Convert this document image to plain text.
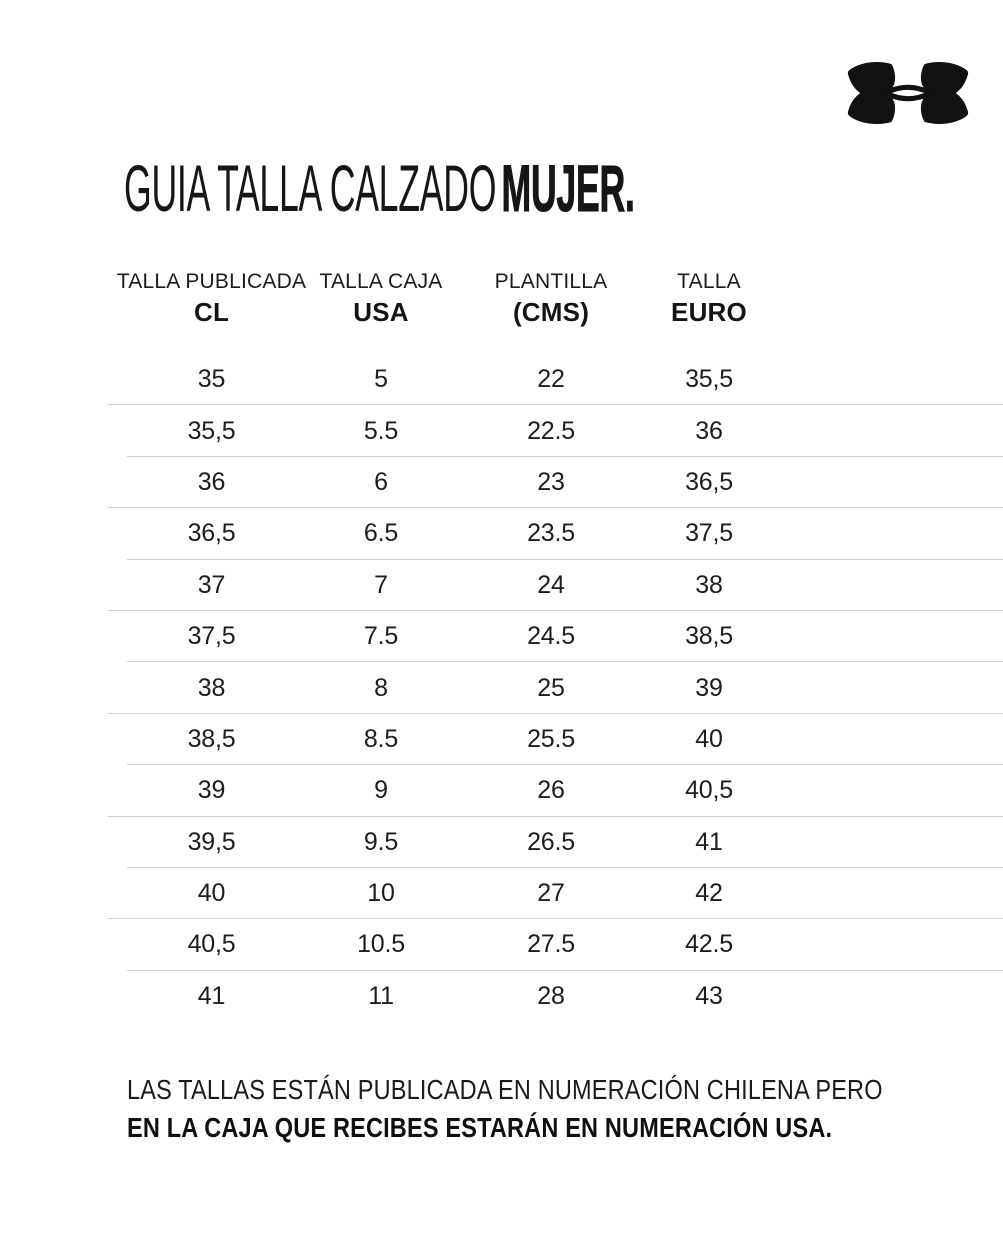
GUIA TALLA CALZADOMUJER.
TALLA PUBLICADA
CL
TALLA CAJA
USA
PLANTILLA
(CMS)
TALLA
EURO
35	5	22	35,5
35,5	5.5	22.5	36
36	6	23	36,5
36,5	6.5	23.5	37,5
37	7	24	38
37,5	7.5	24.5	38,5
38	8	25	39
38,5	8.5	25.5	40
39	9	26	40,5
39,5	9.5	26.5	41
40	10	27	42
40,5	10.5	27.5	42.5
41	11	28	43
LAS TALLAS ESTÁN PUBLICADA EN NUMERACIÓN CHILENA PERO
EN LA CAJA QUE RECIBES ESTARÁN EN NUMERACIÓN USA.
